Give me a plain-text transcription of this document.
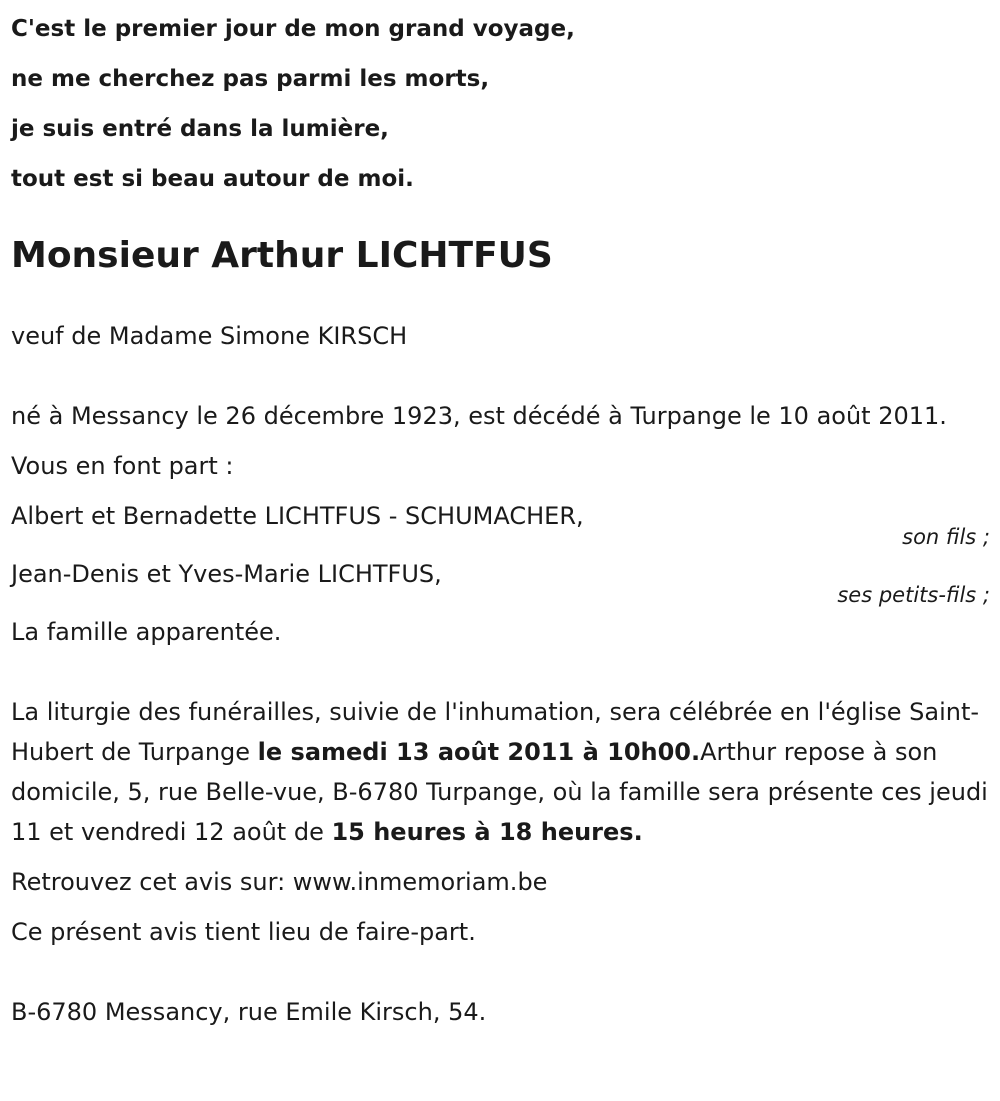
C'est le premier jour de mon grand voyage,

ne me cherchez pas parmi les morts,

je suis entré dans la lumière,

tout est si beau autour de moi.

Monsieur Arthur LICHTFUS

veuf de Madame Simone KIRSCH

né à Messancy le 26 décembre 1923, est décédé à Turpange le 10 août 2011.

Vous en font part :

Albert et Bernadette LICHTFUS - SCHUMACHER,

son fils ;

Jean-Denis et Yves-Marie LICHTFUS,

ses petits-fils ;

La famille apparentée.

La liturgie des funérailles, suivie de l'inhumation, sera célébrée en l'église Saint-Hubert de Turpange le samedi 13 août 2011 à 10h00.Arthur repose à son domicile, 5, rue Belle-vue, B-6780 Turpange, où la famille sera présente ces jeudi 11 et vendredi 12 août de 15 heures à 18 heures.

Retrouvez cet avis sur: www.inmemoriam.be

Ce présent avis tient lieu de faire-part.

B-6780 Messancy, rue Emile Kirsch, 54.
